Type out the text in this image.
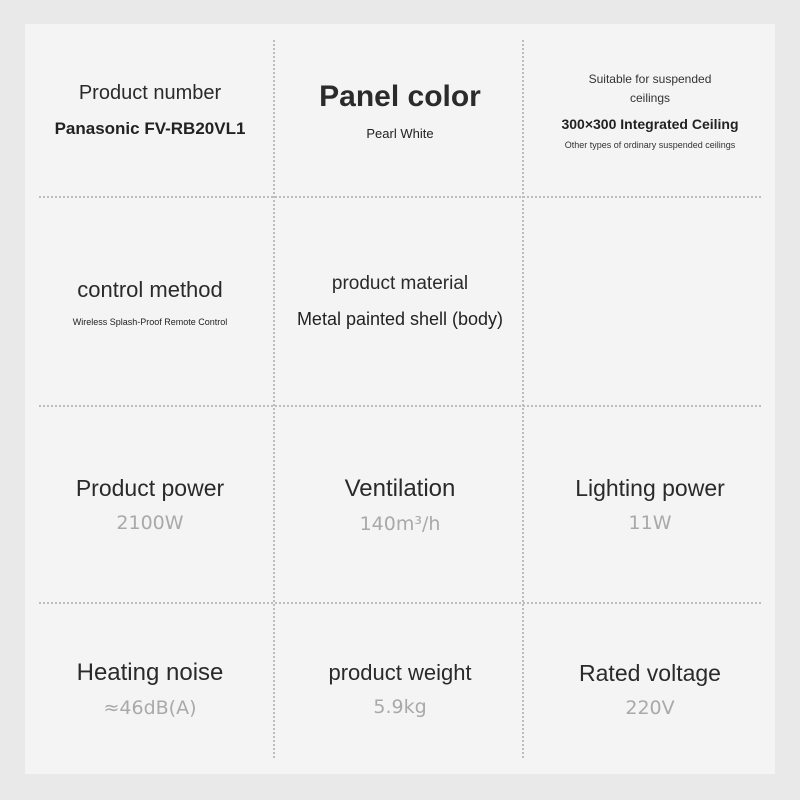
Product number
Panasonic FV-RB20VL1
Panel color
Pearl White
Suitable for suspended
ceilings
300×300 Integrated Ceiling
Other types of ordinary suspended ceilings
control method
Wireless Splash-Proof Remote Control
product material
Metal painted shell (body)
Product power
2100W
Ventilation
140m³/h
Lighting power
11W
Heating noise
≈46dB(A)
product weight
5.9kg
Rated voltage
220V
